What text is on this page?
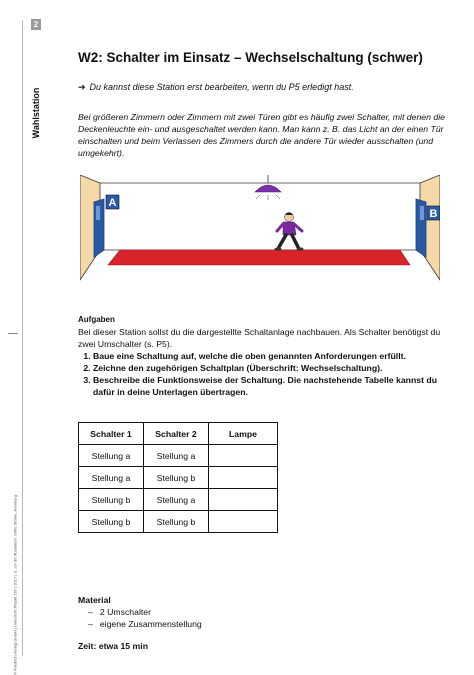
2
Wahlstation
© Friedrich Verlag GmbH | Unterricht Physik 167 | 2017 | S. 23–39 Illustration: Sirtre Stahm, Hamburg
W2: Schalter im Einsatz – Wechselschaltung (schwer)
➔ Du kannst diese Station erst bearbeiten, wenn du P5 erledigt hast.
Bei größeren Zimmern oder Zimmern mit zwei Türen gibt es häufig zwei Schalter, mit denen die Deckenleuchte ein- und ausgeschaltet werden kann. Man kann z. B. das Licht an der einen Tür einschalten und beim Verlassen des Zimmers durch die andere Tür wieder ausschalten (und umgekehrt).
Aufgaben
Bei dieser Station sollst du die dargestellte Schaltanlage nachbauen. Als Schalter benötigst du zwei Umschalter (s. P5).
1. Baue eine Schaltung auf, welche die oben genannten Anforderungen erfüllt.
2. Zeichne den zugehörigen Schaltplan (Überschrift: Wechselschaltung).
3. Beschreibe die Funktionsweise der Schaltung. Die nachstehende Tabelle kannst du dafür in deine Unterlagen übertragen.
Schalter 1	Schalter 2	Lampe
Stellung a	Stellung a	
Stellung a	Stellung b	
Stellung b	Stellung a	
Stellung b	Stellung b	
Material
– 2 Umschalter
– eigene Zusammenstellung
Zeit: etwa 15 min
A
B
